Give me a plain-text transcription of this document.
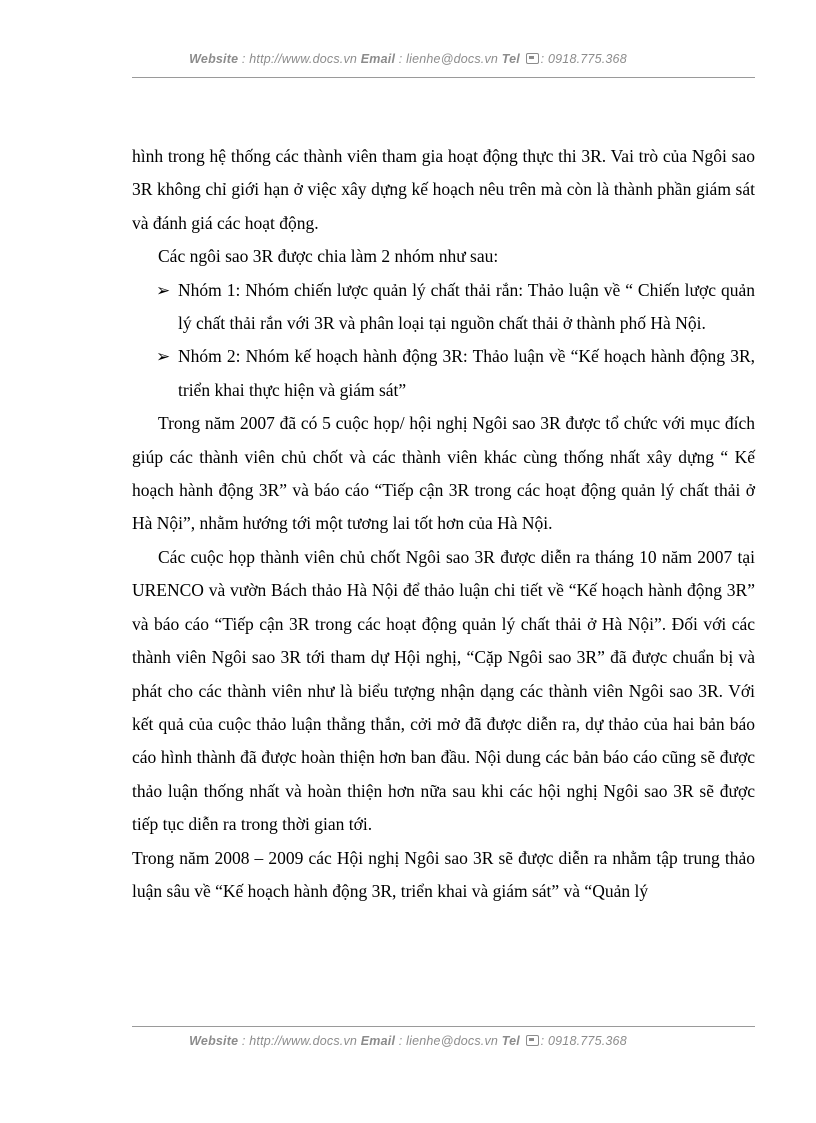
Website : http://www.docs.vn Email : lienhe@docs.vn Tel : 0918.775.368

hình trong hệ thống các thành viên tham gia hoạt động thực thi 3R. Vai trò của Ngôi sao 3R không chỉ giới hạn ở việc xây dựng kế hoạch nêu trên mà còn là thành phần giám sát và đánh giá các hoạt động.

Các ngôi sao 3R được chia làm 2 nhóm như sau:

➢ Nhóm 1: Nhóm chiến lược quản lý chất thải rắn: Thảo luận về “ Chiến lược quản lý chất thải rắn với 3R và phân loại tại nguồn chất thải ở thành phố Hà Nội.
➢ Nhóm 2: Nhóm kế hoạch hành động 3R: Thảo luận về “Kế hoạch hành động 3R, triển khai thực hiện và giám sát”

Trong năm 2007 đã có 5 cuộc họp/ hội nghị Ngôi sao 3R được tổ chức với mục đích giúp các thành viên chủ chốt và các thành viên khác cùng thống nhất xây dựng “ Kế hoạch hành động 3R” và báo cáo “Tiếp cận 3R trong các hoạt động quản lý chất thải ở Hà Nội”, nhằm hướng tới một tương lai tốt hơn của Hà Nội.

Các cuộc họp thành viên chủ chốt Ngôi sao 3R được diễn ra tháng 10 năm 2007 tại URENCO và vườn Bách thảo Hà Nội để thảo luận chi tiết về “Kế hoạch hành động 3R” và báo cáo “Tiếp cận 3R trong các hoạt động quản lý chất thải ở Hà Nội”. Đối với các thành viên Ngôi sao 3R tới tham dự Hội nghị, “Cặp Ngôi sao 3R” đã được chuẩn bị và phát cho các thành viên như là biểu tượng nhận dạng các thành viên Ngôi sao 3R. Với kết quả của cuộc thảo luận thẳng thắn, cởi mở đã được diễn ra, dự thảo của hai bản báo cáo hình thành đã được hoàn thiện hơn ban đầu. Nội dung các bản báo cáo cũng sẽ được thảo luận thống nhất và hoàn thiện hơn nữa sau khi các hội nghị Ngôi sao 3R sẽ được tiếp tục diễn ra trong thời gian tới.

Trong năm 2008 – 2009 các Hội nghị Ngôi sao 3R sẽ được diễn ra nhằm tập trung thảo luận sâu về “Kế hoạch hành động 3R, triển khai và giám sát” và “Quản lý

Website : http://www.docs.vn Email : lienhe@docs.vn Tel : 0918.775.368
